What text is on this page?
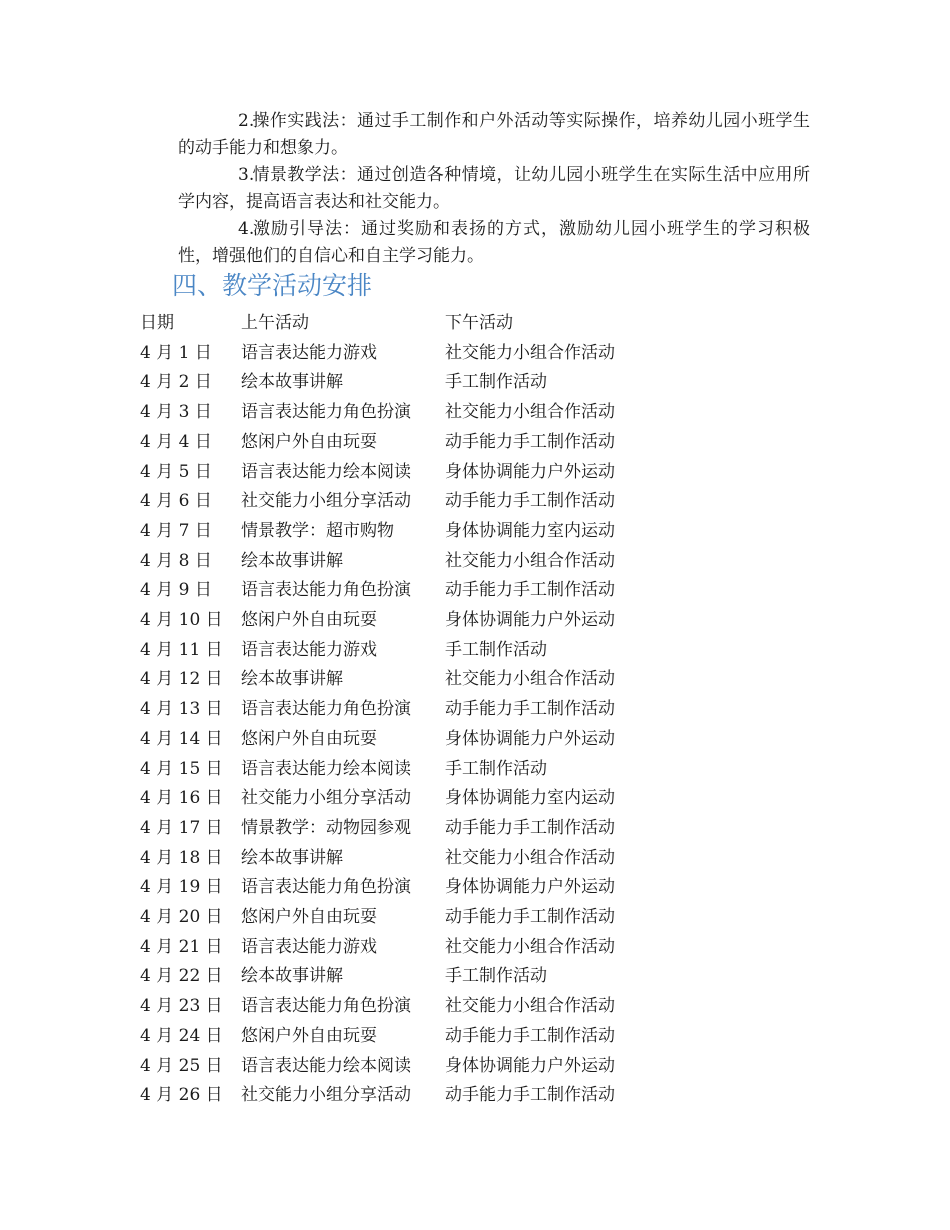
2.操作实践法：通过手工制作和户外活动等实际操作，培养幼儿园小班学生的动手能力和想象力。

3.情景教学法：通过创造各种情境，让幼儿园小班学生在实际生活中应用所学内容，提高语言表达和社交能力。

4.激励引导法：通过奖励和表扬的方式，激励幼儿园小班学生的学习积极性，增强他们的自信心和自主学习能力。

四、教学活动安排
日期	上午活动	下午活动
4 月 1 日	语言表达能力游戏	社交能力小组合作活动
4 月 2 日	绘本故事讲解	手工制作活动
4 月 3 日	语言表达能力角色扮演	社交能力小组合作活动
4 月 4 日	悠闲户外自由玩耍	动手能力手工制作活动
4 月 5 日	语言表达能力绘本阅读	身体协调能力户外运动
4 月 6 日	社交能力小组分享活动	动手能力手工制作活动
4 月 7 日	情景教学：超市购物	身体协调能力室内运动
4 月 8 日	绘本故事讲解	社交能力小组合作活动
4 月 9 日	语言表达能力角色扮演	动手能力手工制作活动
4 月 10 日	悠闲户外自由玩耍	身体协调能力户外运动
4 月 11 日	语言表达能力游戏	手工制作活动
4 月 12 日	绘本故事讲解	社交能力小组合作活动
4 月 13 日	语言表达能力角色扮演	动手能力手工制作活动
4 月 14 日	悠闲户外自由玩耍	身体协调能力户外运动
4 月 15 日	语言表达能力绘本阅读	手工制作活动
4 月 16 日	社交能力小组分享活动	身体协调能力室内运动
4 月 17 日	情景教学：动物园参观	动手能力手工制作活动
4 月 18 日	绘本故事讲解	社交能力小组合作活动
4 月 19 日	语言表达能力角色扮演	身体协调能力户外运动
4 月 20 日	悠闲户外自由玩耍	动手能力手工制作活动
4 月 21 日	语言表达能力游戏	社交能力小组合作活动
4 月 22 日	绘本故事讲解	手工制作活动
4 月 23 日	语言表达能力角色扮演	社交能力小组合作活动
4 月 24 日	悠闲户外自由玩耍	动手能力手工制作活动
4 月 25 日	语言表达能力绘本阅读	身体协调能力户外运动
4 月 26 日	社交能力小组分享活动	动手能力手工制作活动
